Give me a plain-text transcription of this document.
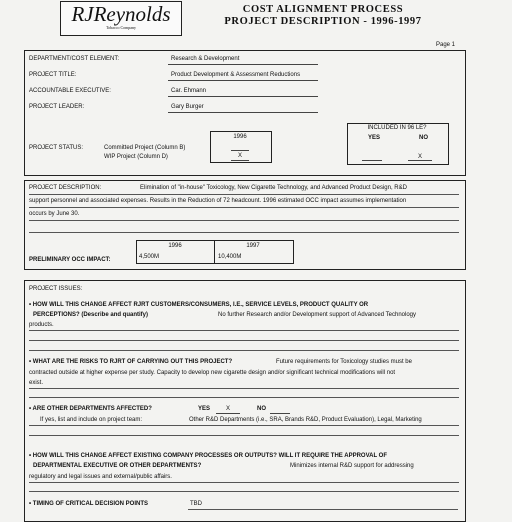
RJReynolds
Tobacco Company
COST ALIGNMENT PROCESS
PROJECT DESCRIPTION - 1996-1997
Page 1
DEPARTMENT/COST ELEMENT:	Research & Development
PROJECT TITLE:	Product Development & Assessment Reductions
ACCOUNTABLE EXECUTIVE:	Car. Ehmann
PROJECT LEADER:	Gary Burger
PROJECT STATUS:	Committed Project (Column B)
WIP Project (Column D)
1996
X
INCLUDED IN 96 LE?
YES	NO
X
PROJECT DESCRIPTION:	Elimination of "in-house" Toxicology, New Cigarette Technology, and Advanced Product Design, R&D
support personnel and associated expenses. Results in the Reduction of 72 headcount. 1996 estimated OCC impact assumes implementation
occurs by June 30.
PRELIMINARY OCC IMPACT:
1996	1997
4,500M	10,400M
PROJECT ISSUES:
• HOW WILL THIS CHANGE AFFECT RJRT CUSTOMERS/CONSUMERS, I.E., SERVICE LEVELS, PRODUCT QUALITY OR
PERCEPTIONS? (Describe and quantify)	No further Research and/or Development support of Advanced Technology
products.
• WHAT ARE THE RISKS TO RJRT OF CARRYING OUT THIS PROJECT?	Future requirements for Toxicology studies must be
contracted outside at higher expense per study. Capacity to develop new cigarette design and/or significant technical modifications will not
exist.
• ARE OTHER DEPARTMENTS AFFECTED?	YES	X	NO
If yes, list and include on project team:	Other R&D Departments (i.e., SRA, Brands R&D, Product Evaluation), Legal, Marketing
• HOW WILL THIS CHANGE AFFECT EXISTING COMPANY PROCESSES OR OUTPUTS? WILL IT REQUIRE THE APPROVAL OF
DEPARTMENTAL EXECUTIVE OR OTHER DEPARTMENTS?	Minimizes internal R&D support for addressing
regulatory and legal issues and external/public affairs.
• TIMING OF CRITICAL DECISION POINTS	TBD
